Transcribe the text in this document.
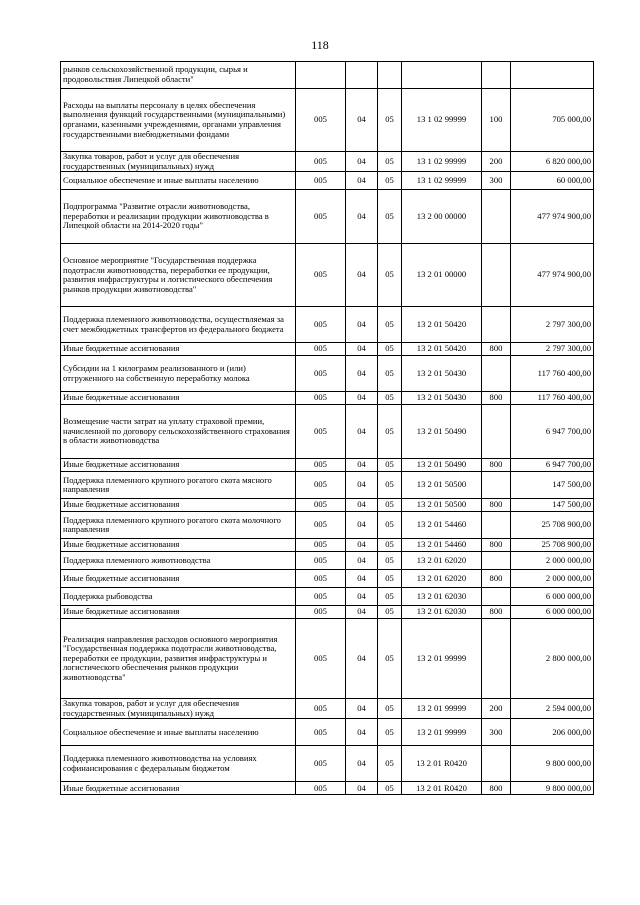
118
рынков сельскохозяйственной продукции, сырья и продовольствия Липецкой области"						
Расходы на выплаты персоналу в целях обеспечения выполнения функций государственными (муниципальными) органами, казенными учреждениями, органами управления государственными внебюджетными фондами	005	04	05	13 1 02 99999	100	705 000,00
Закупка товаров, работ и услуг для обеспечения государственных (муниципальных) нужд	005	04	05	13 1 02 99999	200	6 820 000,00
Социальное обеспечение и иные выплаты населению	005	04	05	13 1 02 99999	300	60 000,00
Подпрограмма "Развитие отрасли животноводства, переработки и реализации продукции животноводства в Липецкой области на 2014-2020 годы"	005	04	05	13 2 00 00000		477 974 900,00
Основное мероприятие "Государственная поддержка подотрасли животноводства, переработки ее продукции, развития инфраструктуры и логистического обеспечения рынков продукции животноводства"	005	04	05	13 2 01 00000		477 974 900,00
Поддержка племенного животноводства, осуществляемая за счет межбюджетных трансфертов из федерального бюджета	005	04	05	13 2 01 50420		2 797 300,00
Иные бюджетные ассигнования	005	04	05	13 2 01 50420	800	2 797 300,00
Субсидии на 1 килограмм реализованного и (или) отгруженного на собственную переработку молока	005	04	05	13 2 01 50430		117 760 400,00
Иные бюджетные ассигнования	005	04	05	13 2 01 50430	800	117 760 400,00
Возмещение части затрат на уплату страховой премии, начисленной по договору сельскохозяйственного страхования в области животноводства	005	04	05	13 2 01 50490		6 947 700,00
Иные бюджетные ассигнования	005	04	05	13 2 01 50490	800	6 947 700,00
Поддержка племенного крупного рогатого скота мясного направления	005	04	05	13 2 01 50500		147 500,00
Иные бюджетные ассигнования	005	04	05	13 2 01 50500	800	147 500,00
Поддержка племенного крупного рогатого скота молочного направления	005	04	05	13 2 01 54460		25 708 900,00
Иные бюджетные ассигнования	005	04	05	13 2 01 54460	800	25 708 900,00
Поддержка племенного животноводства	005	04	05	13 2 01 62020		2 000 000,00
Иные бюджетные ассигнования	005	04	05	13 2 01 62020	800	2 000 000,00
Поддержка рыбоводства	005	04	05	13 2 01 62030		6 000 000,00
Иные бюджетные ассигнования	005	04	05	13 2 01 62030	800	6 000 000,00
Реализация направления расходов основного мероприятия "Государственная поддержка подотрасли животноводства, переработки ее продукции, развития инфраструктуры и логистического обеспечения рынков продукции животноводства"	005	04	05	13 2 01 99999		2 800 000,00
Закупка товаров, работ и услуг для обеспечения государственных (муниципальных) нужд	005	04	05	13 2 01 99999	200	2 594 000,00
Социальное обеспечение и иные выплаты населению	005	04	05	13 2 01 99999	300	206 000,00
Поддержка племенного животноводства на условиях софинансирования с федеральным бюджетом	005	04	05	13 2 01 R0420		9 800 000,00
Иные бюджетные ассигнования	005	04	05	13 2 01 R0420	800	9 800 000,00
